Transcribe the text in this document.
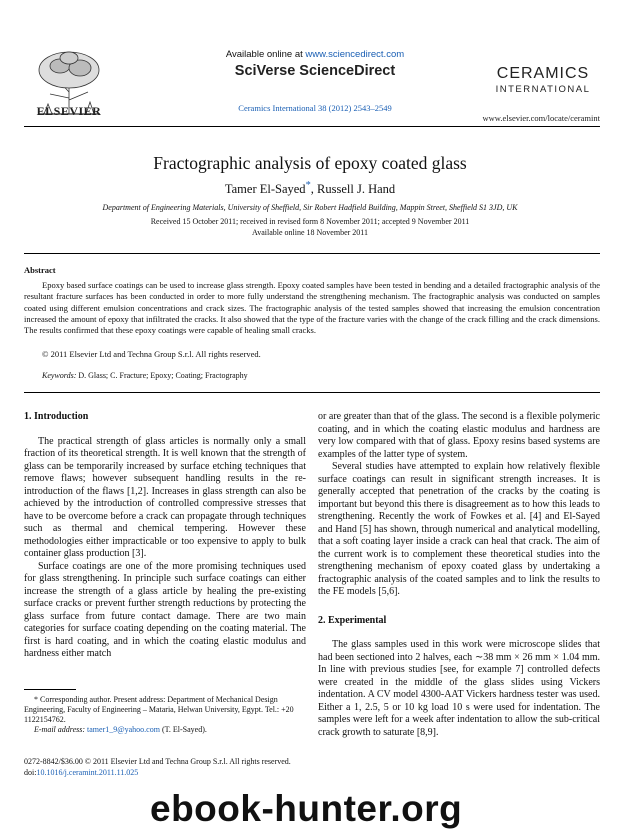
ELSEVIER
Available online at www.sciencedirect.com
SciVerse ScienceDirect
Ceramics International 38 (2012) 2543–2549
CERAMICS
INTERNATIONAL
www.elsevier.com/locate/ceramint
Fractographic analysis of epoxy coated glass
Tamer El-Sayed*, Russell J. Hand
Department of Engineering Materials, University of Sheffield, Sir Robert Hadfield Building, Mappin Street, Sheffield S1 3JD, UK
Received 15 October 2011; received in revised form 8 November 2011; accepted 9 November 2011
Available online 18 November 2011
Abstract
Epoxy based surface coatings can be used to increase glass strength. Epoxy coated samples have been tested in bending and a detailed fractographic analysis of the resultant fracture surfaces has been conducted in order to more fully understand the strengthening mechanism. The fractographic analysis was conducted on samples coated using different emulsion concentrations and crack sizes. The fractographic analysis of the tested samples showed that increasing the emulsion concentration increased the amount of epoxy that infiltrated the cracks. It also showed that the type of the fracture varies with the change of the crack filling and the crack dimensions. The results confirmed that these epoxy coatings were capable of healing small cracks.
© 2011 Elsevier Ltd and Techna Group S.r.l. All rights reserved.
Keywords: D. Glass; C. Fracture; Epoxy; Coating; Fractography
1. Introduction

The practical strength of glass articles is normally only a small fraction of its theoretical strength. It is well known that the strength of glass can be temporarily increased by surface etching techniques that remove flaws; however subsequent handling results in the re-introduction of the flaws [1,2]. Increases in glass strength can also be achieved by the introduction of controlled compressive stresses that have to be overcome before a crack can propagate through techniques such as thermal and chemical tempering. However these methodologies either impracticable or too expensive to apply to bulk container glass production [3].

Surface coatings are one of the more promising techniques used for glass strengthening. In principle such surface coatings can either increase the strength of a glass article by healing the pre-existing surface cracks or prevent further strength reductions by protecting the glass surface from future contact damage. There are two main categories for surface coating depending on the coating material. The first is hard coating, and in which the coating elastic modulus and hardness either match

or are greater than that of the glass. The second is a flexible polymeric coating, and in which the coating elastic modulus and hardness are very low compared with that of glass. Epoxy resins based systems are examples of the latter type of system.

Several studies have attempted to explain how relatively flexible surface coatings can result in significant strength increases. It is generally accepted that penetration of the cracks by the coating is important but beyond this there is disagreement as to how this leads to strengthening. Recently the work of Fowkes et al. [4] and El-Sayed and Hand [5] has shown, through numerical and analytical modelling, that a soft coating layer inside a crack can heal that crack. The aim of the current work is to complement these theoretical studies into the strengthening mechanism of epoxy coated glass by undertaking a fractographic analysis of the coated samples and to link the results to the FE models [5,6].

2. Experimental

The glass samples used in this work were microscope slides that had been sectioned into 2 halves, each ∼38 mm × 26 mm × 1.04 mm. In line with previous studies [see, for example 7] controlled defects were created in the middle of the glass slides using Vickers indentation. A CV model 4300-AAT Vickers hardness tester was used. Either a 1, 2.5, 5 or 10 kg load 10 s were used for indentation. The samples were left for a week after indentation to allow the sub-critical crack growth to saturate [8,9].

* Corresponding author. Present address: Department of Mechanical Design Engineering, Faculty of Engineering – Mataria, Helwan University, Egypt. Tel.: +20 1122154762.

E-mail address: tamer1_9@yahoo.com (T. El-Sayed).

0272-8842/$36.00 © 2011 Elsevier Ltd and Techna Group S.r.l. All rights reserved.
doi:10.1016/j.ceramint.2011.11.025
ebook-hunter.org
